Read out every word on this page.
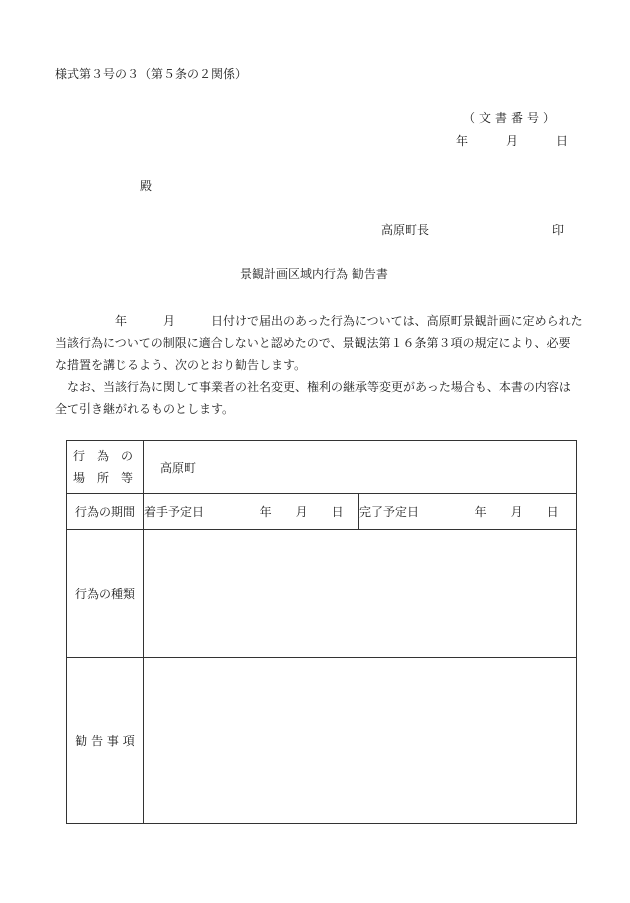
様式第３号の３（第５条の２関係）
（文書番号）
年	月	日
殿
高原町長	印
景観計画区域内行為 勧告書

　　　　　年　　　月　　　日付けで届出のあった行為については、高原町景観計画に定められた

当該行為についての制限に適合しないと認めたので、景観法第１６条第３項の規定により、必要

な措置を講じるよう、次のとおり勧告します。

　なお、当該行為に関して事業者の社名変更、権利の継承等変更があった場合も、本書の内容は

全て引き継がれるものとします。

行　為　の
場　所　等	高原町	
行為の期間	着手予定日 年　　月　　日	完了予定日 年　　月　　日
行為の種類		
勧 告 事 項		
